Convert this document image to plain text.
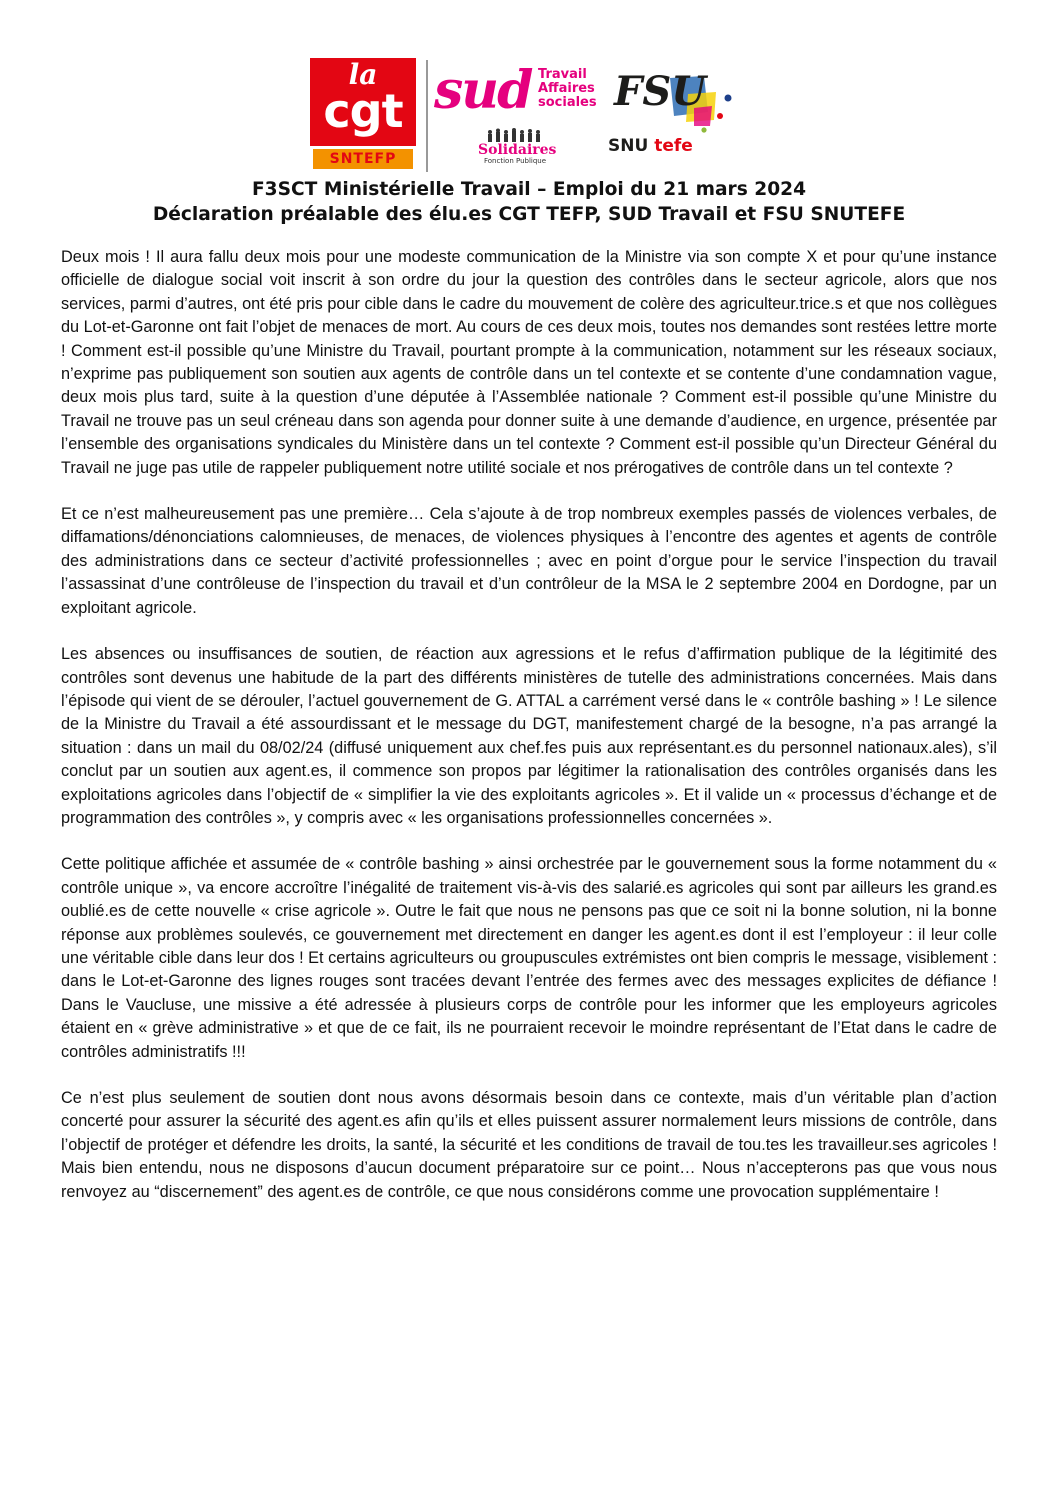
la
cgt
SNTEFP
sud Travail
Affaires
sociales
Solidaires
Fonction Publique
FSU
SNU tefe
F3SCT Ministérielle Travail – Emploi du 21 mars 2024
Déclaration préalable des élu.es CGT TEFP, SUD Travail et FSU SNUTEFE

Deux mois ! Il aura fallu deux mois pour une modeste communication de la Ministre via son compte X et pour qu’une instance officielle de dialogue social voit inscrit à son ordre du jour la question des contrôles dans le secteur agricole, alors que nos services, parmi d’autres, ont été pris pour cible dans le cadre du mouvement de colère des agriculteur.trice.s et que nos collègues du Lot-et-Garonne ont fait l’objet de menaces de mort. Au cours de ces deux mois, toutes nos demandes sont restées lettre morte ! Comment est-il possible qu’une Ministre du Travail, pourtant prompte à la communication, notamment sur les réseaux sociaux, n’exprime pas publiquement son soutien aux agents de contrôle dans un tel contexte et se contente d’une condamnation vague, deux mois plus tard, suite à la question d’une députée à l’Assemblée nationale ? Comment est-il possible qu’une Ministre du Travail ne trouve pas un seul créneau dans son agenda pour donner suite à une demande d’audience, en urgence, présentée par l’ensemble des organisations syndicales du Ministère dans un tel contexte ? Comment est-il possible qu’un Directeur Général du Travail ne juge pas utile de rappeler publiquement notre utilité sociale et nos prérogatives de contrôle dans un tel contexte ?

Et ce n’est malheureusement pas une première… Cela s’ajoute à de trop nombreux exemples passés de violences verbales, de diffamations/dénonciations calomnieuses, de menaces, de violences physiques à l’encontre des agentes et agents de contrôle des administrations dans ce secteur d’activité professionnelles ; avec en point d’orgue pour le service l’inspection du travail l’assassinat d’une contrôleuse de l’inspection du travail et d’un contrôleur de la MSA le 2 septembre 2004 en Dordogne, par un exploitant agricole.

Les absences ou insuffisances de soutien, de réaction aux agressions et le refus d’affirmation publique de la légitimité des contrôles sont devenus une habitude de la part des différents ministères de tutelle des administrations concernées. Mais dans l’épisode qui vient de se dérouler, l’actuel gouvernement de G. ATTAL a carrément versé dans le « contrôle bashing » ! Le silence de la Ministre du Travail a été assourdissant et le message du DGT, manifestement chargé de la besogne, n’a pas arrangé la situation : dans un mail du 08/02/24 (diffusé uniquement aux chef.fes puis aux représentant.es du personnel nationaux.ales), s’il conclut par un soutien aux agent.es, il commence son propos par légitimer la rationalisation des contrôles organisés dans les exploitations agricoles dans l’objectif de « simplifier la vie des exploitants agricoles ». Et il valide un « processus d’échange et de programmation des contrôles », y compris avec « les organisations professionnelles concernées ».

Cette politique affichée et assumée de « contrôle bashing » ainsi orchestrée par le gouvernement sous la forme notamment du « contrôle unique », va encore accroître l’inégalité de traitement vis-à-vis des salarié.es agricoles qui sont par ailleurs les grand.es oublié.es de cette nouvelle « crise agricole ». Outre le fait que nous ne pensons pas que ce soit ni la bonne solution, ni la bonne réponse aux problèmes soulevés, ce gouvernement met directement en danger les agent.es dont il est l’employeur : il leur colle une véritable cible dans leur dos ! Et certains agriculteurs ou groupuscules extrémistes ont bien compris le message, visiblement : dans le Lot-et-Garonne des lignes rouges sont tracées devant l’entrée des fermes avec des messages explicites de défiance ! Dans le Vaucluse, une missive a été adressée à plusieurs corps de contrôle pour les informer que les employeurs agricoles étaient en « grève administrative » et que de ce fait, ils ne pourraient recevoir le moindre représentant de l’Etat dans le cadre de contrôles administratifs !!!

Ce n’est plus seulement de soutien dont nous avons désormais besoin dans ce contexte, mais d’un véritable plan d’action concerté pour assurer la sécurité des agent.es afin qu’ils et elles puissent assurer normalement leurs missions de contrôle, dans l’objectif de protéger et défendre les droits, la santé, la sécurité et les conditions de travail de tou.tes les travailleur.ses agricoles ! Mais bien entendu, nous ne disposons d’aucun document préparatoire sur ce point… Nous n’accepterons pas que vous nous renvoyez au “discernement” des agent.es de contrôle, ce que nous considérons comme une provocation supplémentaire !
